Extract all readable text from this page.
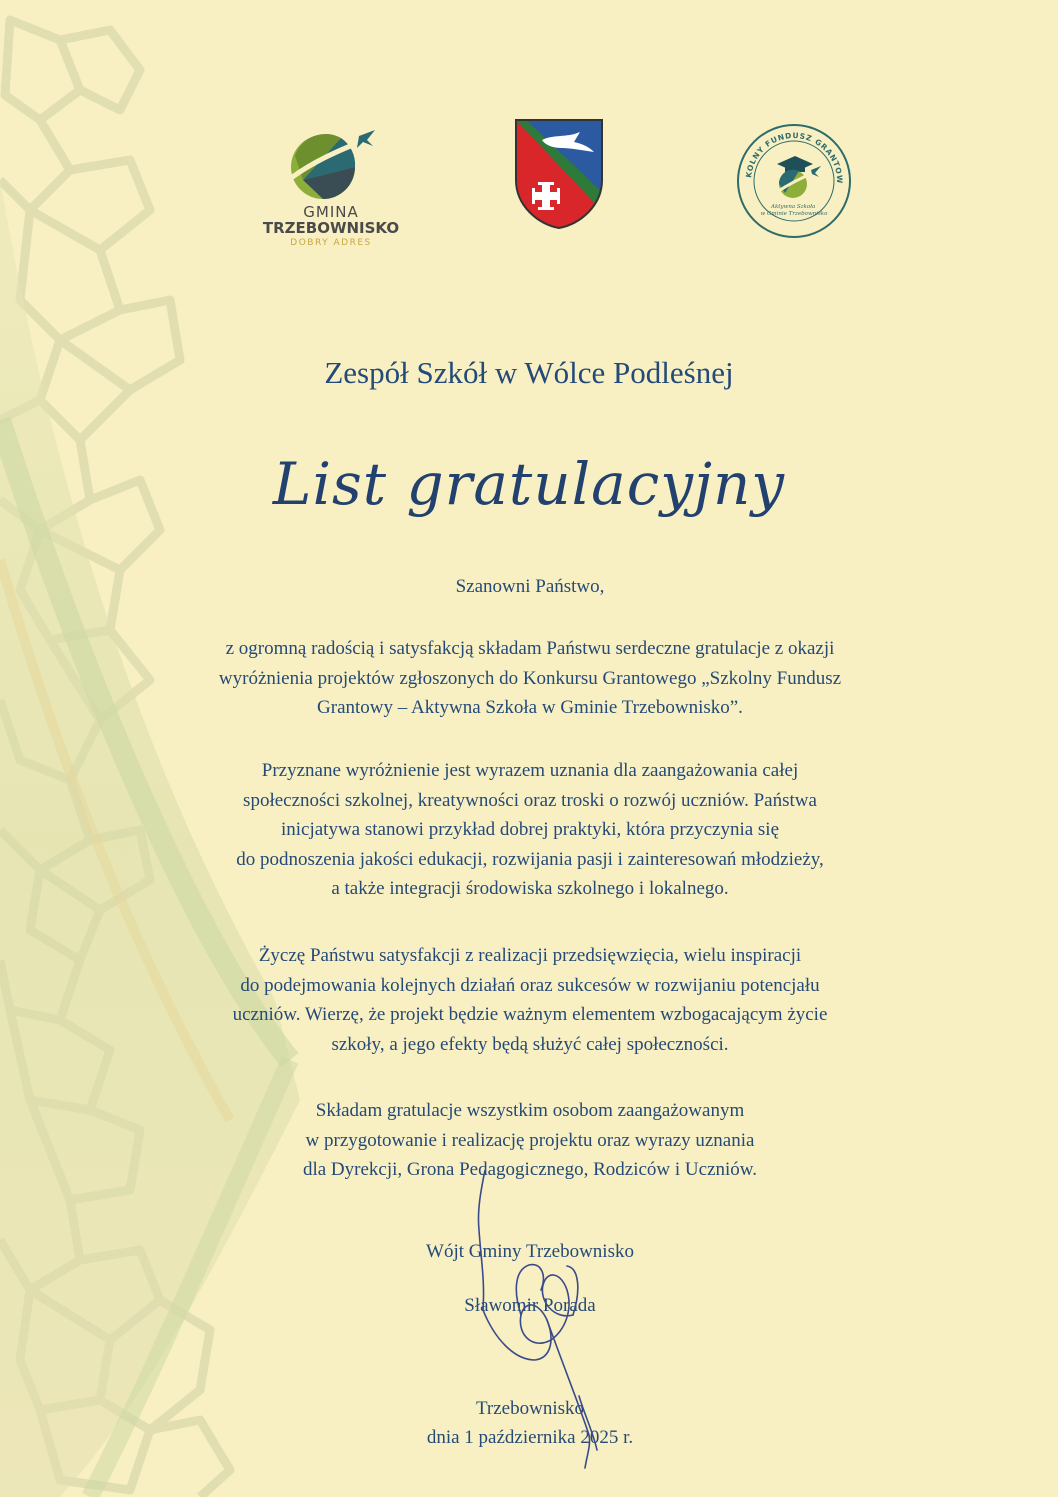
GMINA
TRZEBOWNISKO
DOBRY ADRES
KOLNY FUNDUSZ GRANTOW
Aktywna Szkoła w Gminie Trzebownisko
Zespół Szkół w Wólce Podleśnej
List gratulacyjny
Szanowni Państwo,
z ogromną radością i satysfakcją składam Państwu serdeczne gratulacje z okazji
wyróżnienia projektów zgłoszonych do Konkursu Grantowego „Szkolny Fundusz
Grantowy – Aktywna Szkoła w Gminie Trzebownisko”.
Przyznane wyróżnienie jest wyrazem uznania dla zaangażowania całej
społeczności szkolnej, kreatywności oraz troski o rozwój uczniów. Państwa
inicjatywa stanowi przykład dobrej praktyki, która przyczynia się
do podnoszenia jakości edukacji, rozwijania pasji i zainteresowań młodzieży,
a także integracji środowiska szkolnego i lokalnego.
Życzę Państwu satysfakcji z realizacji przedsięwzięcia, wielu inspiracji
do podejmowania kolejnych działań oraz sukcesów w rozwijaniu potencjału
uczniów. Wierzę, że projekt będzie ważnym elementem wzbogacającym życie
szkoły, a jego efekty będą służyć całej społeczności.
Składam gratulacje wszystkim osobom zaangażowanym
w przygotowanie i realizację projektu oraz wyrazy uznania
dla Dyrekcji, Grona Pedagogicznego, Rodziców i Uczniów.
Wójt Gminy Trzebownisko
Sławomir Porada
Trzebownisko
dnia 1 października 2025 r.
